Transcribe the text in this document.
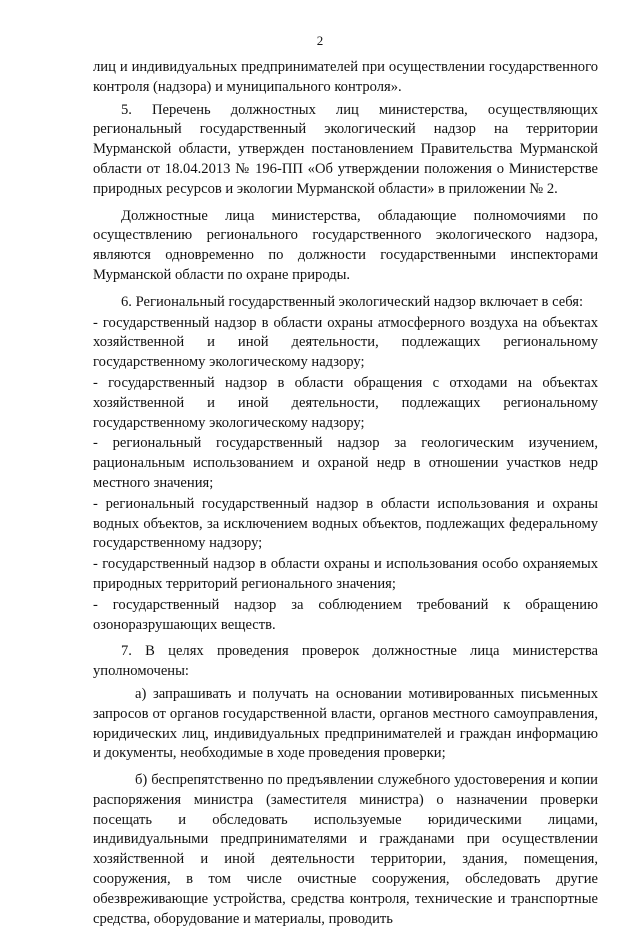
2

лиц и индивидуальных предпринимателей при осуществлении государственного контроля (надзора) и муниципального контроля».

5. Перечень должностных лиц министерства, осуществляющих региональный государственный экологический надзор на территории Мурманской области, утвержден постановлением Правительства Мурманской области от 18.04.2013 № 196-ПП «Об утверждении положения о Министерстве природных ресурсов и экологии Мурманской области» в приложении № 2.

Должностные лица министерства, обладающие полномочиями по осуществлению регионального государственного экологического надзора, являются одновременно по должности государственными инспекторами Мурманской области по охране природы.

6. Региональный государственный экологический надзор включает в себя:

- государственный надзор в области охраны атмосферного воздуха на объектах хозяйственной и иной деятельности, подлежащих региональному государственному экологическому надзору;

- государственный надзор в области обращения с отходами на объектах хозяйственной и иной деятельности, подлежащих региональному государственному экологическому надзору;

- региональный государственный надзор за геологическим изучением, рациональным использованием и охраной недр в отношении участков недр местного значения;

- региональный государственный надзор в области использования и охраны водных объектов, за исключением водных объектов, подлежащих федеральному государственному надзору;

- государственный надзор в области охраны и использования особо охраняемых природных территорий регионального значения;

- государственный надзор за соблюдением требований к обращению озоноразрушающих веществ.

7. В целях проведения проверок должностные лица министерства уполномочены:

а) запрашивать и получать на основании мотивированных письменных запросов от органов государственной власти, органов местного самоуправления, юридических лиц, индивидуальных предпринимателей и граждан информацию и документы, необходимые в ходе проведения проверки;

б) беспрепятственно по предъявлении служебного удостоверения и копии распоряжения министра (заместителя министра) о назначении проверки посещать и обследовать используемые юридическими лицами, индивидуальными предпринимателями и гражданами при осуществлении хозяйственной и иной деятельности территории, здания, помещения, сооружения, в том числе очистные сооружения, обследовать другие обезвреживающие устройства, средства контроля, технические и транспортные средства, оборудование и материалы, проводить
